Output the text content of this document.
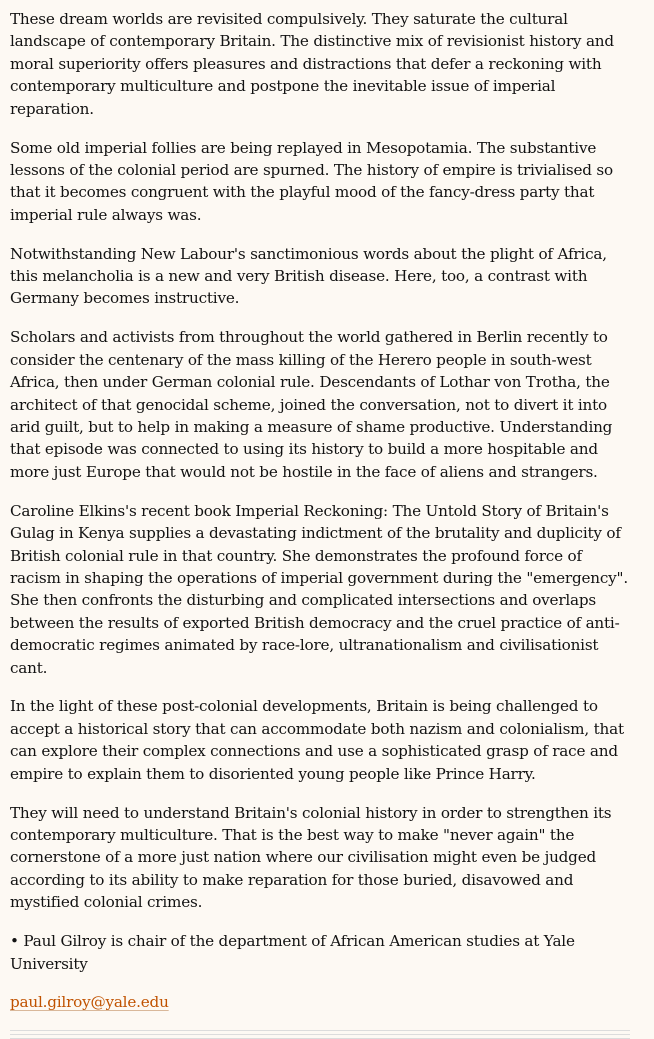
These dream worlds are revisited compulsively. They saturate the cultural landscape of contemporary Britain. The distinctive mix of revisionist history and moral superiority offers pleasures and distractions that defer a reckoning with contemporary multiculture and postpone the inevitable issue of imperial reparation.

Some old imperial follies are being replayed in Mesopotamia. The substantive lessons of the colonial period are spurned. The history of empire is trivialised so that it becomes congruent with the playful mood of the fancy-dress party that imperial rule always was.

Notwithstanding New Labour's sanctimonious words about the plight of Africa, this melancholia is a new and very British disease. Here, too, a contrast with Germany becomes instructive.

Scholars and activists from throughout the world gathered in Berlin recently to consider the centenary of the mass killing of the Herero people in south-west Africa, then under German colonial rule. Descendants of Lothar von Trotha, the architect of that genocidal scheme, joined the conversation, not to divert it into arid guilt, but to help in making a measure of shame productive. Understanding that episode was connected to using its history to build a more hospitable and more just Europe that would not be hostile in the face of aliens and strangers.

Caroline Elkins's recent book Imperial Reckoning: The Untold Story of Britain's Gulag in Kenya supplies a devastating indictment of the brutality and duplicity of British colonial rule in that country. She demonstrates the profound force of racism in shaping the operations of imperial government during the "emergency". She then confronts the disturbing and complicated intersections and overlaps between the results of exported British democracy and the cruel practice of anti-democratic regimes animated by race-lore, ultranationalism and civilisationist cant.

In the light of these post-colonial developments, Britain is being challenged to accept a historical story that can accommodate both nazism and colonialism, that can explore their complex connections and use a sophisticated grasp of race and empire to explain them to disoriented young people like Prince Harry.

They will need to understand Britain's colonial history in order to strengthen its contemporary multiculture. That is the best way to make "never again" the cornerstone of a more just nation where our civilisation might even be judged according to its ability to make reparation for those buried, disavowed and mystified colonial crimes.

• Paul Gilroy is chair of the department of African American studies at Yale University

paul.gilroy@yale.edu
